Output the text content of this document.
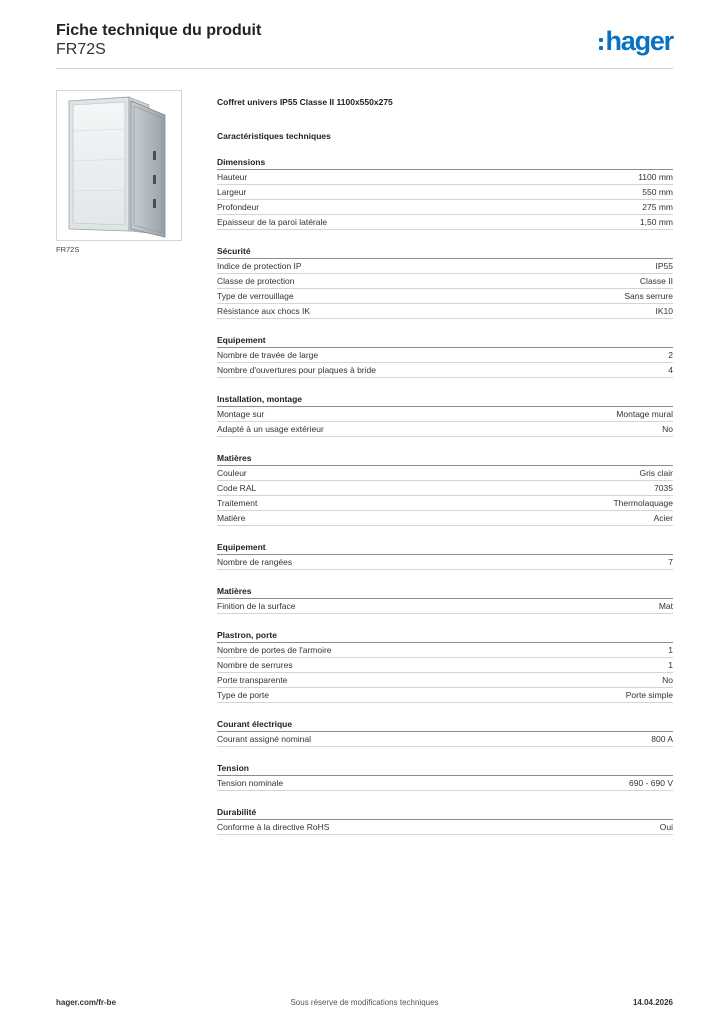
Fiche technique du produit
FR72S	hager
FR72S
Coffret univers IP55 Classe II 1100x550x275
Caractéristiques techniques
Dimensions
Hauteur	1100 mm
Largeur	550 mm
Profondeur	275 mm
Epaisseur de la paroi latérale	1,50 mm
Sécurité
Indice de protection IP	IP55
Classe de protection	Classe II
Type de verrouillage	Sans serrure
Résistance aux chocs IK	IK10
Equipement
Nombre de travée de large	2
Nombre d'ouvertures pour plaques à bride	4
Installation, montage
Montage sur	Montage mural
Adapté à un usage extérieur	No
Matières
Couleur	Gris clair
Code RAL	7035
Traitement	Thermolaquage
Matière	Acier
Equipement
Nombre de rangées	7
Matières
Finition de la surface	Mat
Plastron, porte
Nombre de portes de l'armoire	1
Nombre de serrures	1
Porte transparente	No
Type de porte	Porte simple
Courant électrique
Courant assigné nominal	800 A
Tension
Tension nominale	690 - 690 V
Durabilité
Conforme à la directive RoHS	Oui
hager.com/fr-be	Sous réserve de modifications techniques	14.04.2026
